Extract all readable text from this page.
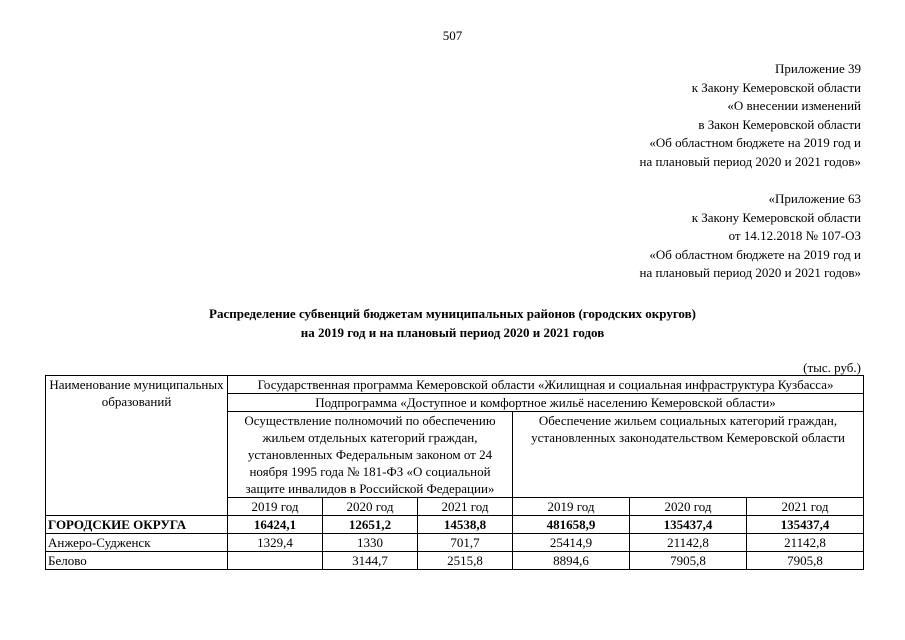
507
Приложение 39
к Закону Кемеровской области
«О внесении изменений
в Закон Кемеровской области
«Об областном бюджете на 2019 год и
на плановый период 2020 и 2021 годов»
«Приложение 63
к Закону Кемеровской области
от 14.12.2018 № 107-ОЗ
«Об областном бюджете на 2019 год и
на плановый период 2020 и 2021 годов»
Распределение субвенций бюджетам муниципальных районов (городских округов)
на 2019 год и на плановый период 2020 и 2021 годов
(тыс. руб.)
Наименование муниципальных образований	Государственная программа Кемеровской области «Жилищная и социальная инфраструктура Кузбасса»					
	Подпрограмма «Доступное и комфортное жильё населению Кемеровской области»					
	Осуществление полномочий по обеспечению жильем отдельных категорий граждан, установленных Федеральным законом от 24 ноября 1995 года № 181-ФЗ «О социальной защите инвалидов в Российской Федерации»			Обеспечение жильем социальных категорий граждан, установленных законодательством Кемеровской области		
	2019 год	2020 год	2021 год	2019 год	2020 год	2021 год
ГОРОДСКИЕ ОКРУГА	16424,1	12651,2	14538,8	481658,9	135437,4	135437,4
Анжеро-Судженск	1329,4	1330	701,7	25414,9	21142,8	21142,8
Белово		3144,7	2515,8	8894,6	7905,8	7905,8
